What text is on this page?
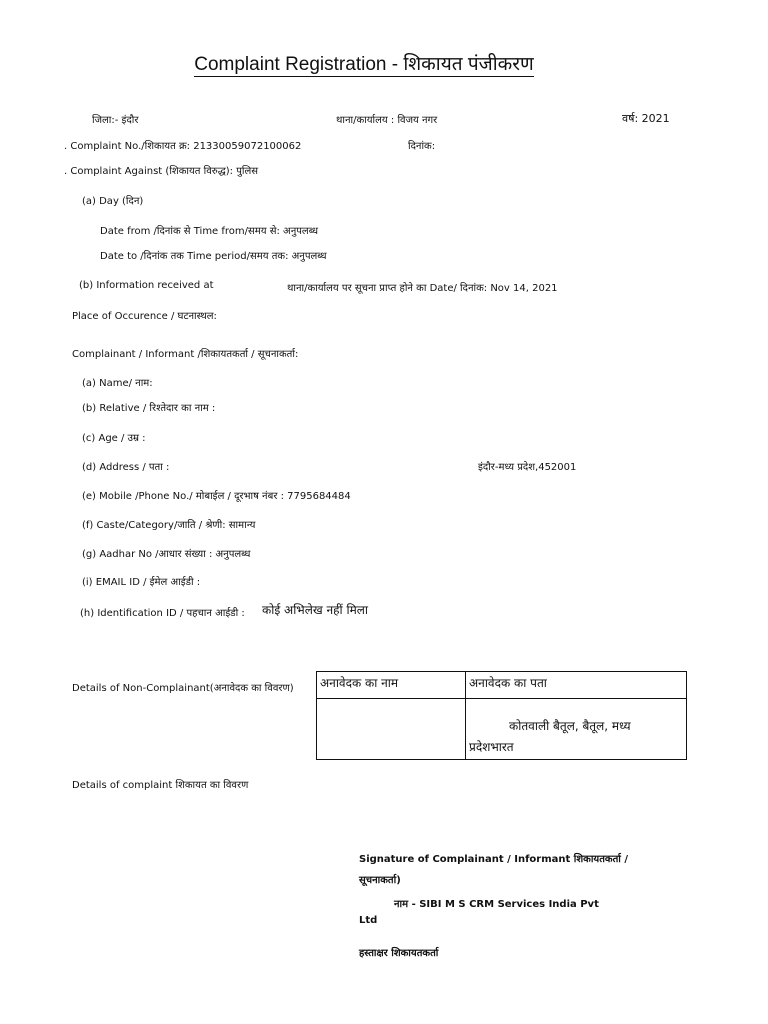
Complaint Registration - शिकायत पंजीकरण
जिला:- इंदौर	थाना/कार्यालय : विजय नगर	वर्ष: 2021
. Complaint No./शिकायत क्र: 21330059072100062	दिनांक:
. Complaint Against (शिकायत विरुद्ध): पुलिस
(a) Day (दिन)
Date from /दिनांक से Time from/समय से: अनुपलब्ध
Date to /दिनांक तक Time period/समय तक: अनुपलब्ध
(b) Information received at	थाना/कार्यालय पर सूचना प्राप्त होने का Date/ दिनांक: Nov 14, 2021
Place of Occurence / घटनास्थल:
Complainant / Informant /शिकायतकर्ता / सूचनाकर्ता:
(a) Name/ नाम:
(b) Relative / रिश्तेदार का नाम :
(c) Age / उम्र :
(d) Address / पता :	इंदौर-मध्य प्रदेश,452001
(e) Mobile /Phone No./ मोबाईल / दूरभाष नंबर : 7795684484
(f) Caste/Category/जाति / श्रेणी: सामान्य
(g) Aadhar No /आधार संख्या : अनुपलब्ध
(i) EMAIL ID / ईमेल आईडी :
(h) Identification ID / पहचान आईडी : कोई अभिलेख नहीं मिला
Details of Non-Complainant(अनावेदक का विवरण) अनावेदक का नाम	अनावेदक का पता

	कोतवाली बैतूल, बैतूल, मध्य
प्रदेशभारत
Details of complaint शिकायत का विवरण
Signature of Complainant / Informant शिकायतकर्ता /
सूचनाकर्ता)
नाम - SIBI M S CRM Services India Pvt
Ltd
हस्ताक्षर शिकायतकर्ता
